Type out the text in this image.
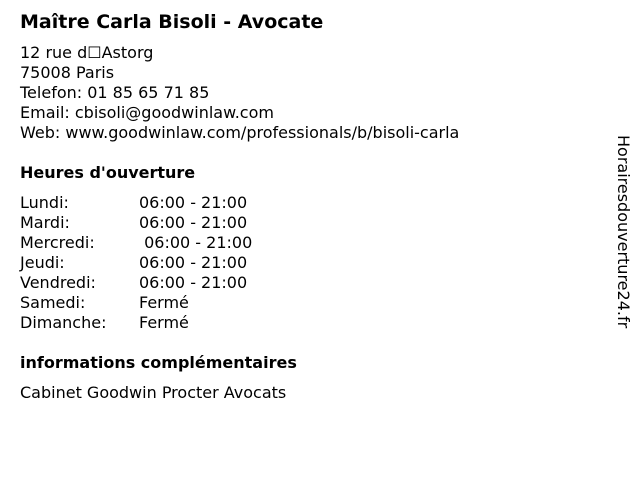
Maître Carla Bisoli - Avocate
12 rue d☐Astorg
75008 Paris
Telefon: 01 85 65 71 85
Email: cbisoli@goodwinlaw.com
Web: www.goodwinlaw.com/professionals/b/bisoli-carla
Heures d'ouverture
Lundi:	06:00 - 21:00
Mardi:	06:00 - 21:00
Mercredi:	06:00 - 21:00
Jeudi:	06:00 - 21:00
Vendredi:	06:00 - 21:00
Samedi:	Fermé
Dimanche: Fermé
informations complémentaires
Cabinet Goodwin Procter Avocats
Horairesdouverture24.fr
